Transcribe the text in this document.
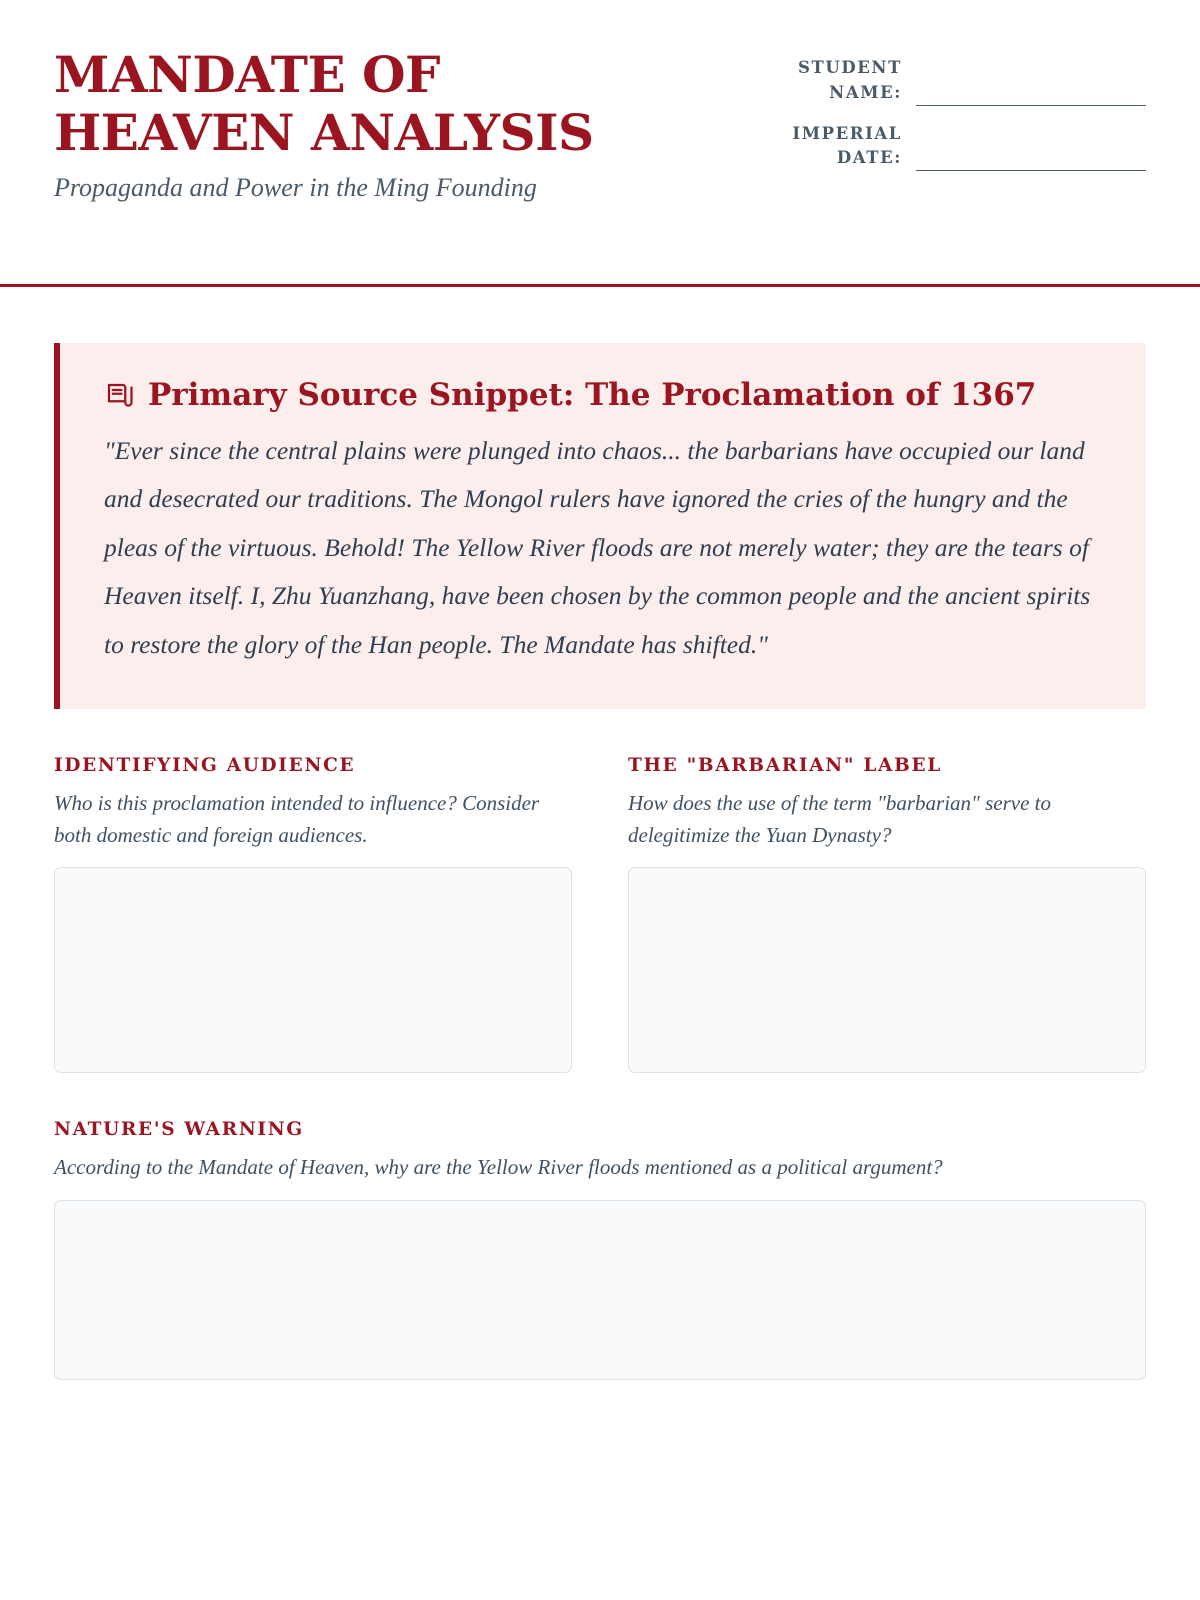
MANDATE OF HEAVEN ANALYSIS

Propaganda and Power in the Ming Founding

STUDENT NAME:
IMPERIAL DATE:
Primary Source Snippet: The Proclamation of 1367

"Ever since the central plains were plunged into chaos... the barbarians have occupied our land and desecrated our traditions. The Mongol rulers have ignored the cries of the hungry and the pleas of the virtuous. Behold! The Yellow River floods are not merely water; they are the tears of Heaven itself. I, Zhu Yuanzhang, have been chosen by the common people and the ancient spirits to restore the glory of the Han people. The Mandate has shifted."

IDENTIFYING AUDIENCE
Who is this proclamation intended to influence? Consider both domestic and foreign audiences.
THE "BARBARIAN" LABEL
How does the use of the term "barbarian" serve to delegitimize the Yuan Dynasty?
NATURE'S WARNING
According to the Mandate of Heaven, why are the Yellow River floods mentioned as a political argument?
